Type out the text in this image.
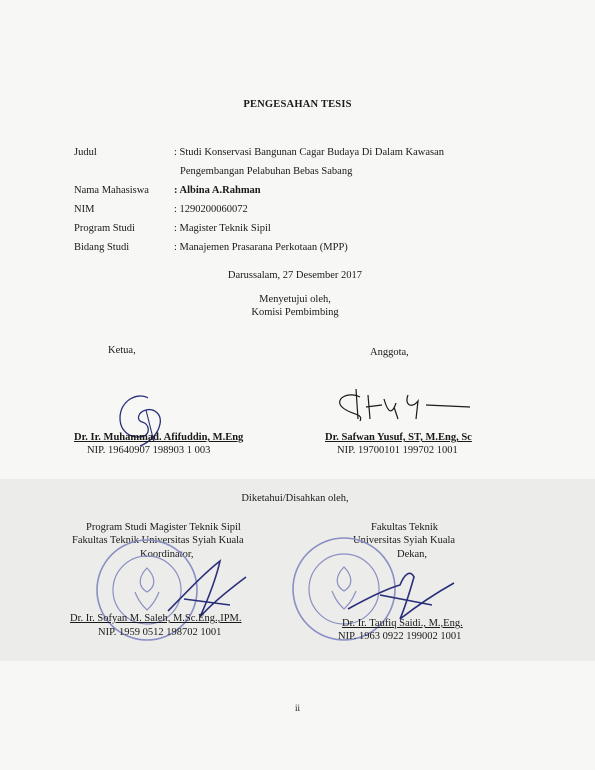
PENGESAHAN TESIS
Judul	: Studi Konservasi Bangunan Cagar Budaya Di Dalam Kawasan
Pengembangan Pelabuhan Bebas Sabang
Nama Mahasiswa : Albina A.Rahman
NIM	: 1290200060072
Program Studi	: Magister Teknik Sipil
Bidang Studi	: Manajemen Prasarana Perkotaan (MPP)
Darussalam, 27 Desember 2017
Menyetujui oleh,
Komisi Pembimbing
Ketua,	Anggota,
Dr. Ir. Muhammad. Afifuddin, M.Eng
NIP. 19640907 198903 1 003
Dr. Safwan Yusuf, ST, M.Eng, Sc
NIP. 19700101 199702 1001
Diketahui/Disahkan oleh,
Program Studi Magister Teknik Sipil
Fakultas Teknik Universitas Syiah Kuala
Koordinator,
Dr. Ir. Sofyan M. Saleh, M.Sc.Eng.,IPM.
NIP. 1959 0512 198702 1001
Fakultas Teknik
Universitas Syiah Kuala
Dekan,
Dr. Ir. Taufiq Saidi., M.,Eng.
NIP. 1963 0922 199002 1001
ii
